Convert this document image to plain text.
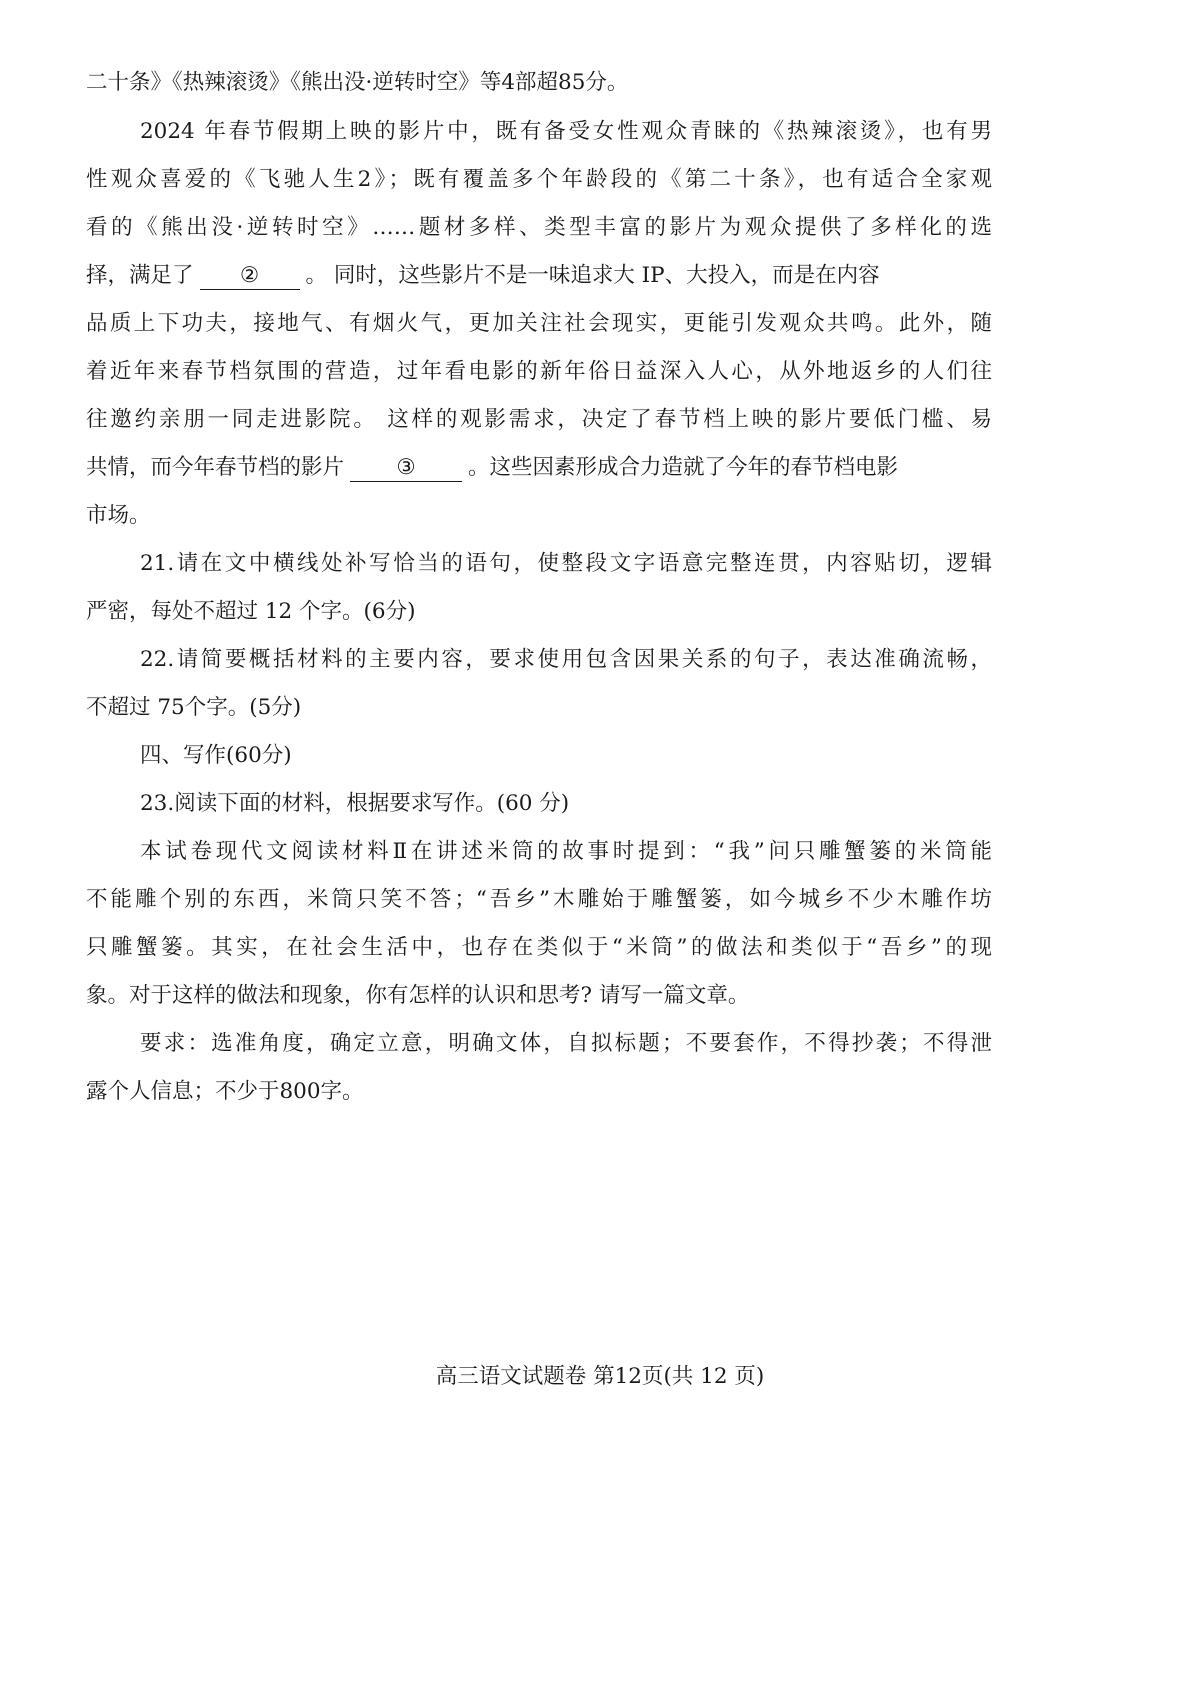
二十条》《热辣滚烫》《熊出没·逆转时空》等4部超85分。
2024 年春节假期上映的影片中，既有备受女性观众青睐的《热辣滚烫》，也有男
性观众喜爱的《飞驰人生2》；既有覆盖多个年龄段的《第二十条》，也有适合全家观
看的《熊出没·逆转时空》……题材多样、类型丰富的影片为观众提供了多样化的选
择，满足了 ② 。 同时，这些影片不是一味追求大 IP、大投入，而是在内容
品质上下功夫，接地气、有烟火气，更加关注社会现实，更能引发观众共鸣。此外，随
着近年来春节档氛围的营造，过年看电影的新年俗日益深入人心，从外地返乡的人们往
往邀约亲朋一同走进影院。 这样的观影需求，决定了春节档上映的影片要低门槛、易
共情，而今年春节档的影片 ③ 。这些因素形成合力造就了今年的春节档电影
市场。
21.请在文中横线处补写恰当的语句，使整段文字语意完整连贯，内容贴切，逻辑
严密，每处不超过 12 个字。(6分)
22.请简要概括材料的主要内容，要求使用包含因果关系的句子，表达准确流畅，
不超过 75个字。(5分)
四、写作(60分)
23.阅读下面的材料，根据要求写作。(60 分)
本试卷现代文阅读材料Ⅱ在讲述米筒的故事时提到：“我”问只雕蟹篓的米筒能
不能雕个别的东西，米筒只笑不答；“吾乡”木雕始于雕蟹篓，如今城乡不少木雕作坊
只雕蟹篓。其实，在社会生活中，也存在类似于“米筒”的做法和类似于“吾乡”的现
象。对于这样的做法和现象，你有怎样的认识和思考? 请写一篇文章。
要求：选准角度，确定立意，明确文体，自拟标题；不要套作，不得抄袭；不得泄
露个人信息；不少于800字。
高三语文试题卷 第12页(共 12 页)
